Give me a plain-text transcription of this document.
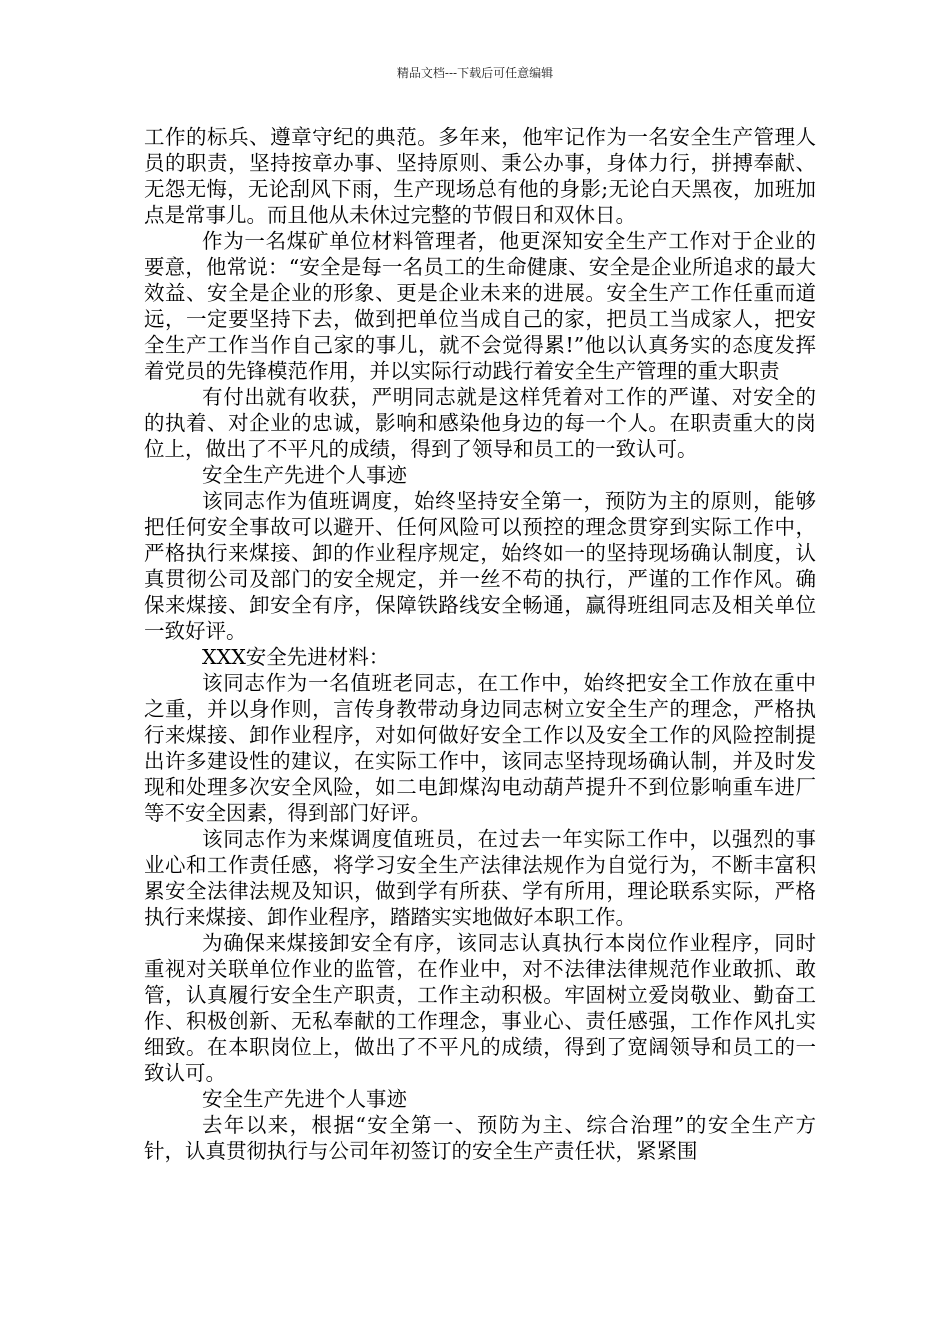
精品文档---下载后可任意编辑

工作的标兵、遵章守纪的典范。多年来，他牢记作为一名安全生产管理人员的职责，坚持按章办事、坚持原则、秉公办事，身体力行，拼搏奉献、无怨无悔，无论刮风下雨，生产现场总有他的身影;无论白天黑夜，加班加点是常事儿。而且他从未休过完整的节假日和双休日。

作为一名煤矿单位材料管理者，他更深知安全生产工作对于企业的要意，他常说：“安全是每一名员工的生命健康、安全是企业所追求的最大效益、安全是企业的形象、更是企业未来的进展。安全生产工作任重而道远，一定要坚持下去，做到把单位当成自己的家，把员工当成家人，把安全生产工作当作自己家的事儿，就不会觉得累!”他以认真务实的态度发挥着党员的先锋模范作用，并以实际行动践行着安全生产管理的重大职责

有付出就有收获，严明同志就是这样凭着对工作的严谨、对安全的的执着、对企业的忠诚，影响和感染他身边的每一个人。在职责重大的岗位上，做出了不平凡的成绩，得到了领导和员工的一致认可。

安全生产先进个人事迹

该同志作为值班调度，始终坚持安全第一，预防为主的原则，能够把任何安全事故可以避开、任何风险可以预控的理念贯穿到实际工作中，严格执行来煤接、卸的作业程序规定，始终如一的坚持现场确认制度，认真贯彻公司及部门的安全规定，并一丝不苟的执行，严谨的工作作风。确保来煤接、卸安全有序，保障铁路线安全畅通，赢得班组同志及相关单位一致好评。

XXX安全先进材料：

该同志作为一名值班老同志，在工作中，始终把安全工作放在重中之重，并以身作则，言传身教带动身边同志树立安全生产的理念，严格执行来煤接、卸作业程序，对如何做好安全工作以及安全工作的风险控制提出许多建设性的建议，在实际工作中，该同志坚持现场确认制，并及时发现和处理多次安全风险，如二电卸煤沟电动葫芦提升不到位影响重车进厂等不安全因素，得到部门好评。

该同志作为来煤调度值班员，在过去一年实际工作中，以强烈的事业心和工作责任感，将学习安全生产法律法规作为自觉行为，不断丰富积累安全法律法规及知识，做到学有所获、学有所用，理论联系实际，严格执行来煤接、卸作业程序，踏踏实实地做好本职工作。

为确保来煤接卸安全有序，该同志认真执行本岗位作业程序，同时重视对关联单位作业的监管，在作业中，对不法律法律规范作业敢抓、敢管，认真履行安全生产职责，工作主动积极。牢固树立爱岗敬业、勤奋工作、积极创新、无私奉献的工作理念，事业心、责任感强，工作作风扎实细致。在本职岗位上，做出了不平凡的成绩，得到了宽阔领导和员工的一致认可。

安全生产先进个人事迹

去年以来，根据“安全第一、预防为主、综合治理”的安全生产方针，认真贯彻执行与公司年初签订的安全生产责任状，紧紧围
